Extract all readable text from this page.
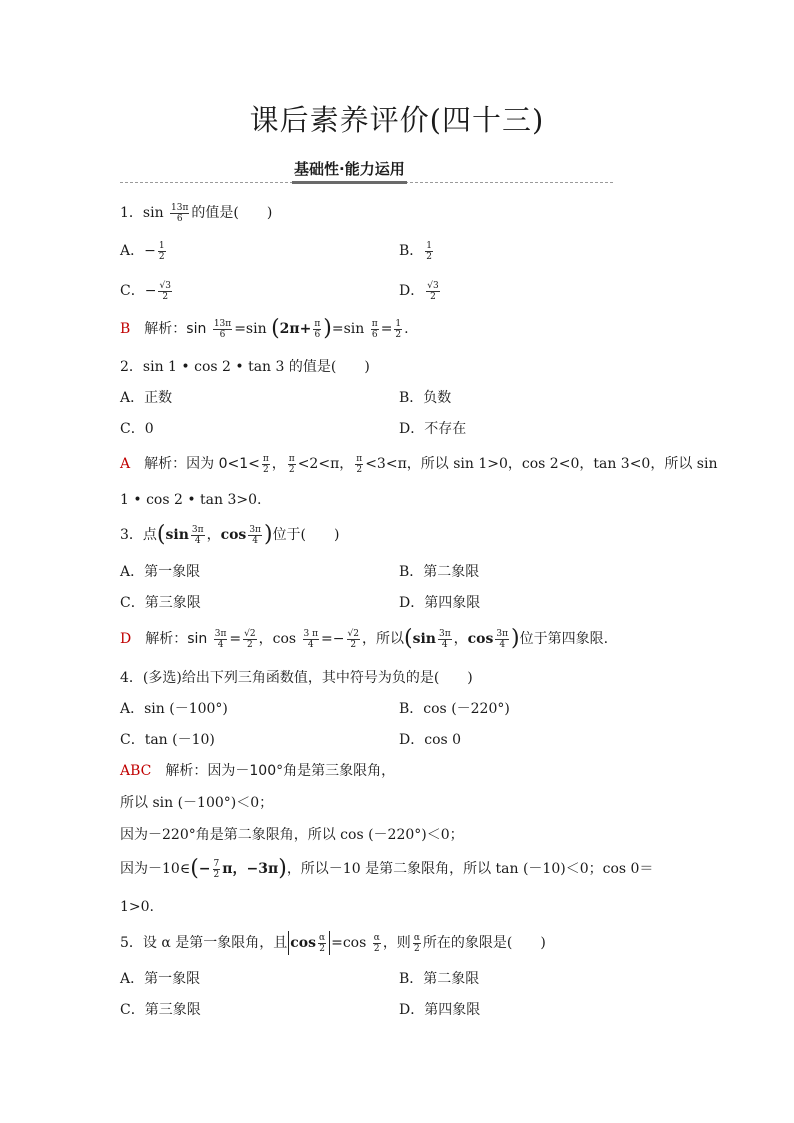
课后素养评价(四十三)
基础性·能力运用
1．$\sin \frac{13\pi}{6}$ 的值是(　　)
A．− $\frac{1}{2}$	B． $\frac{1}{2}$
C．− $\frac{√3}{2}$	D． $\frac{√3}{2}$
B 解析：$\sin \frac{13\pi}{6} =\sin$ $(2\pi+ \frac{\pi}{6} )=\sin \frac{\pi}{6} = \frac{1}{2}$ .
2．sin 1 • cos 2 • tan 3 的值是(　　)
A．正数	B．负数
C．0	D．不存在
A 解析：因为 $0<1< \frac{\pi}{2}$ ， $\frac{\pi}{2} <2<\pi$， $\frac{\pi}{2} <3<\pi$，所以 sin 1>0，cos 2<0，tan 3<0，所以 sin
1 • cos 2 • tan 3>0.
3．点($\sin \frac{3\pi}{4}$ ，$\cos \frac{3\pi}{4}$ )位于(　　)
A．第一象限	B．第二象限
C．第三象限	D．第四象限
D 解析：$\sin \frac{3\pi}{4} = \frac{√2}{2}$ ，$\cos \frac{3 \pi}{4} =- \frac{√2}{2}$ ，所以($\sin \frac{3\pi}{4}$ ，$\cos \frac{3\pi}{4}$ )位于第四象限.
4．(多选)给出下列三角函数值，其中符号为负的是(　　)
A．sin (－100°)	B．cos (－220°)
C．tan (－10)	D．cos 0
ABC 解析：因为－100°角是第三象限角，
所以 sin (－100°)＜0；
因为－220°角是第二象限角，所以 cos (－220°)＜0；
因为－10∈(− $\frac{7}{2}$ π，−3π)，所以－10 是第二象限角，所以 tan (－10)＜0；cos 0＝
1>0.
5．设 α 是第一象限角，且 $\cos \frac{\alpha}{2} =\cos \frac{\alpha}{2}$ ，则 $\frac{\alpha}{2}$ 所在的象限是(　　)
A．第一象限	B．第二象限
C．第三象限	D．第四象限
